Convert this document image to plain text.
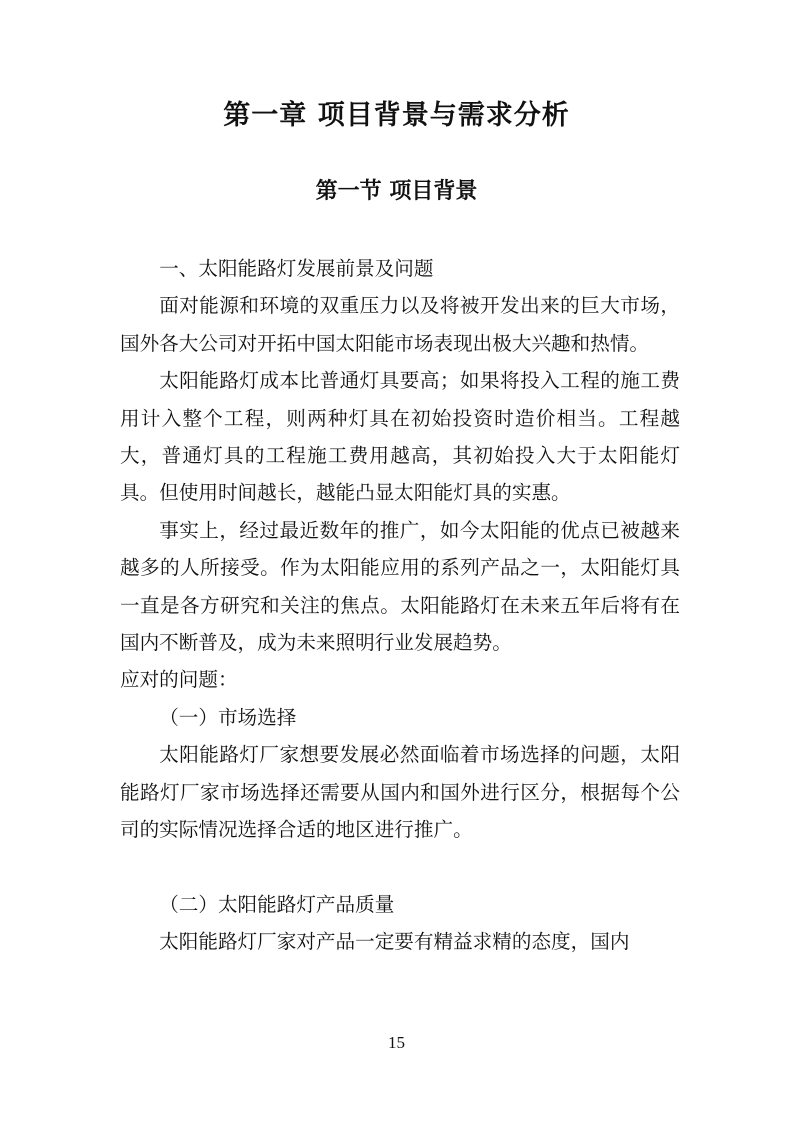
第一章 项目背景与需求分析
第一节 项目背景

一、太阳能路灯发展前景及问题

面对能源和环境的双重压力以及将被开发出来的巨大市场，国外各大公司对开拓中国太阳能市场表现出极大兴趣和热情。

太阳能路灯成本比普通灯具要高；如果将投入工程的施工费用计入整个工程，则两种灯具在初始投资时造价相当。工程越大，普通灯具的工程施工费用越高，其初始投入大于太阳能灯具。但使用时间越长，越能凸显太阳能灯具的实惠。

事实上，经过最近数年的推广，如今太阳能的优点已被越来越多的人所接受。作为太阳能应用的系列产品之一，太阳能灯具一直是各方研究和关注的焦点。太阳能路灯在未来五年后将有在国内不断普及，成为未来照明行业发展趋势。

应对的问题：

（一）市场选择

太阳能路灯厂家想要发展必然面临着市场选择的问题，太阳能路灯厂家市场选择还需要从国内和国外进行区分，根据每个公司的实际情况选择合适的地区进行推广。

（二）太阳能路灯产品质量

太阳能路灯厂家对产品一定要有精益求精的态度，国内

15
